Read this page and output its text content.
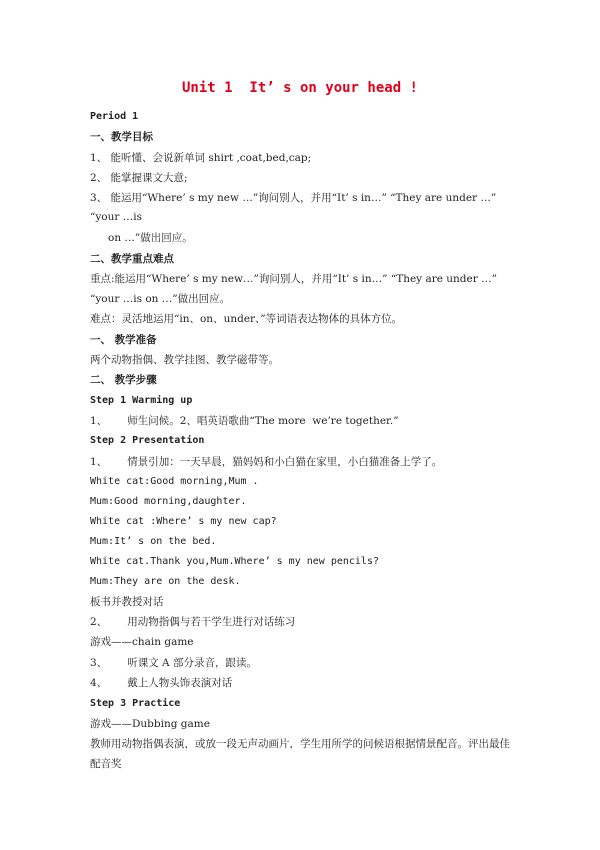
Unit 1  It’ s on your head !
Period 1
一、教学目标
1、 能听懂、会说新单词 shirt ,coat,bed,cap;
2、 能掌握课文大意;
3、 能运用“Where’ s my new …”询问别人，并用“It’ s in…” “They are under …”
“your …is
on …”做出回应。
二、教学重点难点
重点:能运用“Where’ s my new…”询问别人，并用“It’ s in…” “They are under …”
“your …is on …”做出回应。
难点：灵活地运用“in、on、under、”等词语表达物体的具体方位。
一、 教学准备
两个动物指偶、教学挂图、教学磁带等。
二、 教学步骤
Step 1 Warming up
1、      师生问候。2、唱英语歌曲“The more  we’re together.”
Step 2 Presentation
1、      情景引加：一天早晨，猫妈妈和小白猫在家里，小白猫准备上学了。
White cat:Good morning,Mum .
Mum:Good morning,daughter.
White cat :Where’ s my new cap?
Mum:It’ s on the bed.
White cat.Thank you,Mum.Where’ s my new pencils?
Mum:They are on the desk.
板书并教授对话
2、      用动物指偶与若干学生进行对话练习
游戏——chain game
3、      听课文 A 部分录音，跟读。
4、      戴上人物头饰表演对话
Step 3 Practice
游戏——Dubbing game
教师用动物指偶表演，或放一段无声动画片，学生用所学的问候语根据情景配音。评出最佳
配音奖
